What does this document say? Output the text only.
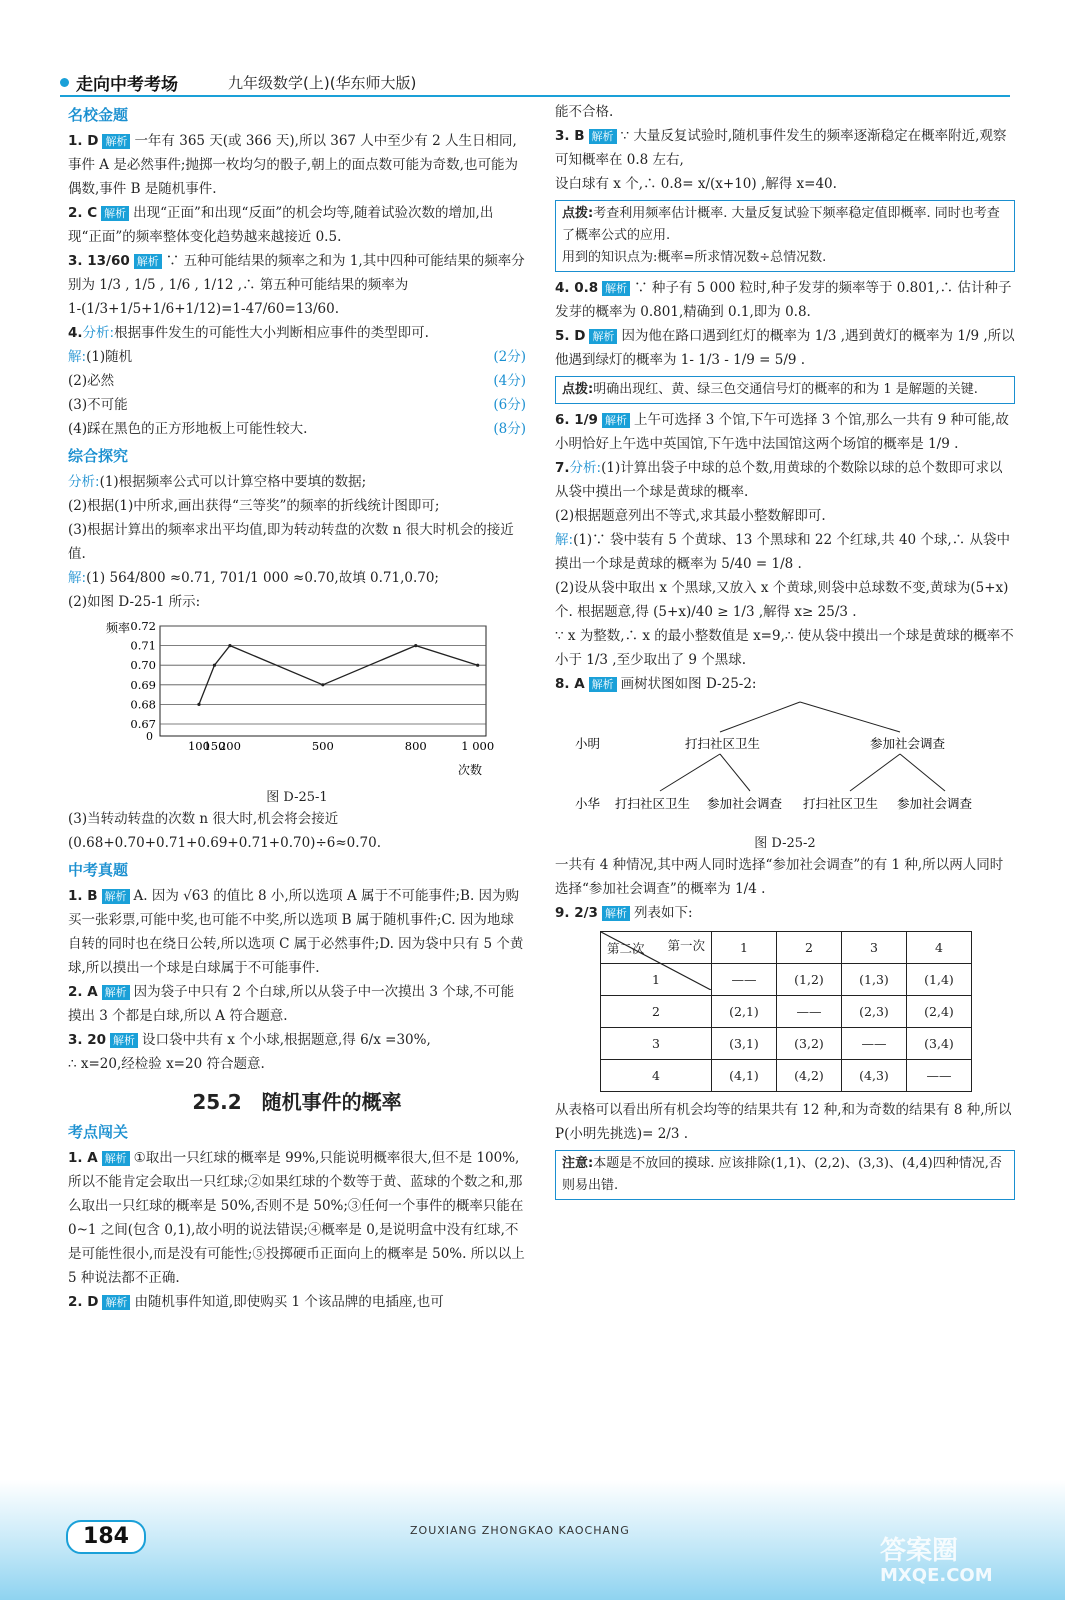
走向中考考场	九年级数学(上)(华东师大版)
名校金题

1. D 解析 一年有 365 天(或 366 天),所以 367 人中至少有 2 人生日相同,事件 A 是必然事件;抛掷一枚均匀的骰子,朝上的面点数可能为奇数,也可能为偶数,事件 B 是随机事件.

2. C 解析 出现“正面”和出现“反面”的机会均等,随着试验次数的增加,出现“正面”的频率整体变化趋势越来越接近 0.5.

3. 13/60 解析 ∵ 五种可能结果的频率之和为 1,其中四种可能结果的频率分别为 1/3 , 1/5 , 1/6 , 1/12 ,∴ 第五种可能结果的频率为

1-(1/3+1/5+1/6+1/12)=1-47/60=13/60.

4.分析:根据事件发生的可能性大小判断相应事件的类型即可.

解:(1)随机	(2分)

(2)必然	(4分)

(3)不可能	(6分)

(4)踩在黑色的正方形地板上可能性较大.	(8分)

综合探究

分析:(1)根据频率公式可以计算空格中要填的数据;

(2)根据(1)中所求,画出获得“三等奖”的频率的折线统计图即可;

(3)根据计算出的频率求出平均值,即为转动转盘的次数 n 很大时机会的接近值.

解:(1) 564/800 ≈0.71, 701/1 000 ≈0.70,故填 0.71,0.70;

(2)如图 D-25-1 所示:

频率
次数
0
0.67
0.68
0.69
0.70
0.71
0.72
100
150
200	500	800	1 000
图 D-25-1

(3)当转动转盘的次数 n 很大时,机会将会接近(0.68+0.70+0.71+0.69+0.71+0.70)÷6≈0.70.

中考真题

1. B 解析 A. 因为 √63 的值比 8 小,所以选项 A 属于不可能事件;B. 因为购买一张彩票,可能中奖,也可能不中奖,所以选项 B 属于随机事件;C. 因为地球自转的同时也在绕日公转,所以选项 C 属于必然事件;D. 因为袋中只有 5 个黄球,所以摸出一个球是白球属于不可能事件.

2. A 解析 因为袋子中只有 2 个白球,所以从袋子中一次摸出 3 个球,不可能摸出 3 个都是白球,所以 A 符合题意.

3. 20 解析 设口袋中共有 x 个小球,根据题意,得 6/x =30%,

∴ x=20,经检验 x=20 符合题意.

25.2　随机事件的概率
考点闯关

1. A 解析 ①取出一只红球的概率是 99%,只能说明概率很大,但不是 100%,所以不能肯定会取出一只红球;②如果红球的个数等于黄、蓝球的个数之和,那么取出一只红球的概率是 50%,否则不是 50%;③任何一个事件的概率只能在 0~1 之间(包含 0,1),故小明的说法错误;④概率是 0,是说明盒中没有红球,不是可能性很小,而是没有可能性;⑤投掷硬币正面向上的概率是 50%. 所以以上 5 种说法都不正确.

2. D 解析 由随机事件知道,即使购买 1 个该品牌的电插座,也可

能不合格.

3. B 解析 ∵ 大量反复试验时,随机事件发生的频率逐渐稳定在概率附近,观察可知概率在 0.8 左右,

设白球有 x 个,∴ 0.8= x/(x+10) ,解得 x=40.

点拨:考查利用频率估计概率. 大量反复试验下频率稳定值即概率. 同时也考查了概率公式的应用.
用到的知识点为:概率=所求情况数÷总情况数.

4. 0.8 解析 ∵ 种子有 5 000 粒时,种子发芽的频率等于 0.801,∴ 估计种子发芽的概率为 0.801,精确到 0.1,即为 0.8.

5. D 解析 因为他在路口遇到红灯的概率为 1/3 ,遇到黄灯的概率为 1/9 ,所以他遇到绿灯的概率为 1- 1/3 - 1/9 = 5/9 .

点拨:明确出现红、黄、绿三色交通信号灯的概率的和为 1 是解题的关键.

6. 1/9 解析 上午可选择 3 个馆,下午可选择 3 个馆,那么一共有 9 种可能,故小明恰好上午选中英国馆,下午选中法国馆这两个场馆的概率是 1/9 .

7.分析:(1)计算出袋子中球的总个数,用黄球的个数除以球的总个数即可求以从袋中摸出一个球是黄球的概率.

(2)根据题意列出不等式,求其最小整数解即可.

解:(1)∵ 袋中装有 5 个黄球、13 个黑球和 22 个红球,共 40 个球,∴ 从袋中摸出一个球是黄球的概率为 5/40 = 1/8 .

(2)设从袋中取出 x 个黑球,又放入 x 个黄球,则袋中总球数不变,黄球为(5+x)个. 根据题意,得 (5+x)/40 ≥ 1/3 ,解得 x≥ 25/3 .

∵ x 为整数,∴ x 的最小整数值是 x=9,∴ 使从袋中摸出一个球是黄球的概率不小于 1/3 ,至少取出了 9 个黑球.

8. A 解析 画树状图如图 D-25-2:

小明	打扫社区卫生	参加社会调查
小华 打扫社区卫生 参加社会调查 打扫社区卫生 参加社会调查
图 D-25-2

一共有 4 种情况,其中两人同时选择“参加社会调查”的有 1 种,所以两人同时选择“参加社会调查”的概率为 1/4 .

9. 2/3 解析 列表如下:

第一次
第二次	1	2	3	4
1	——	(1,2)	(1,3)	(1,4)
2	(2,1)	——	(2,3)	(2,4)
3	(3,1)	(3,2)	——	(3,4)
4	(4,1)	(4,2)	(4,3)	——

从表格可以看出所有机会均等的结果共有 12 种,和为奇数的结果有 8 种,所以 P(小明先挑选)= 2/3 .

注意:本题是不放回的摸球. 应该排除(1,1)、(2,2)、(3,3)、(4,4)四种情况,否则易出错.
184	ZOUXIANG ZHONGKAO KAOCHANG
答案圈
MXQE.COM
